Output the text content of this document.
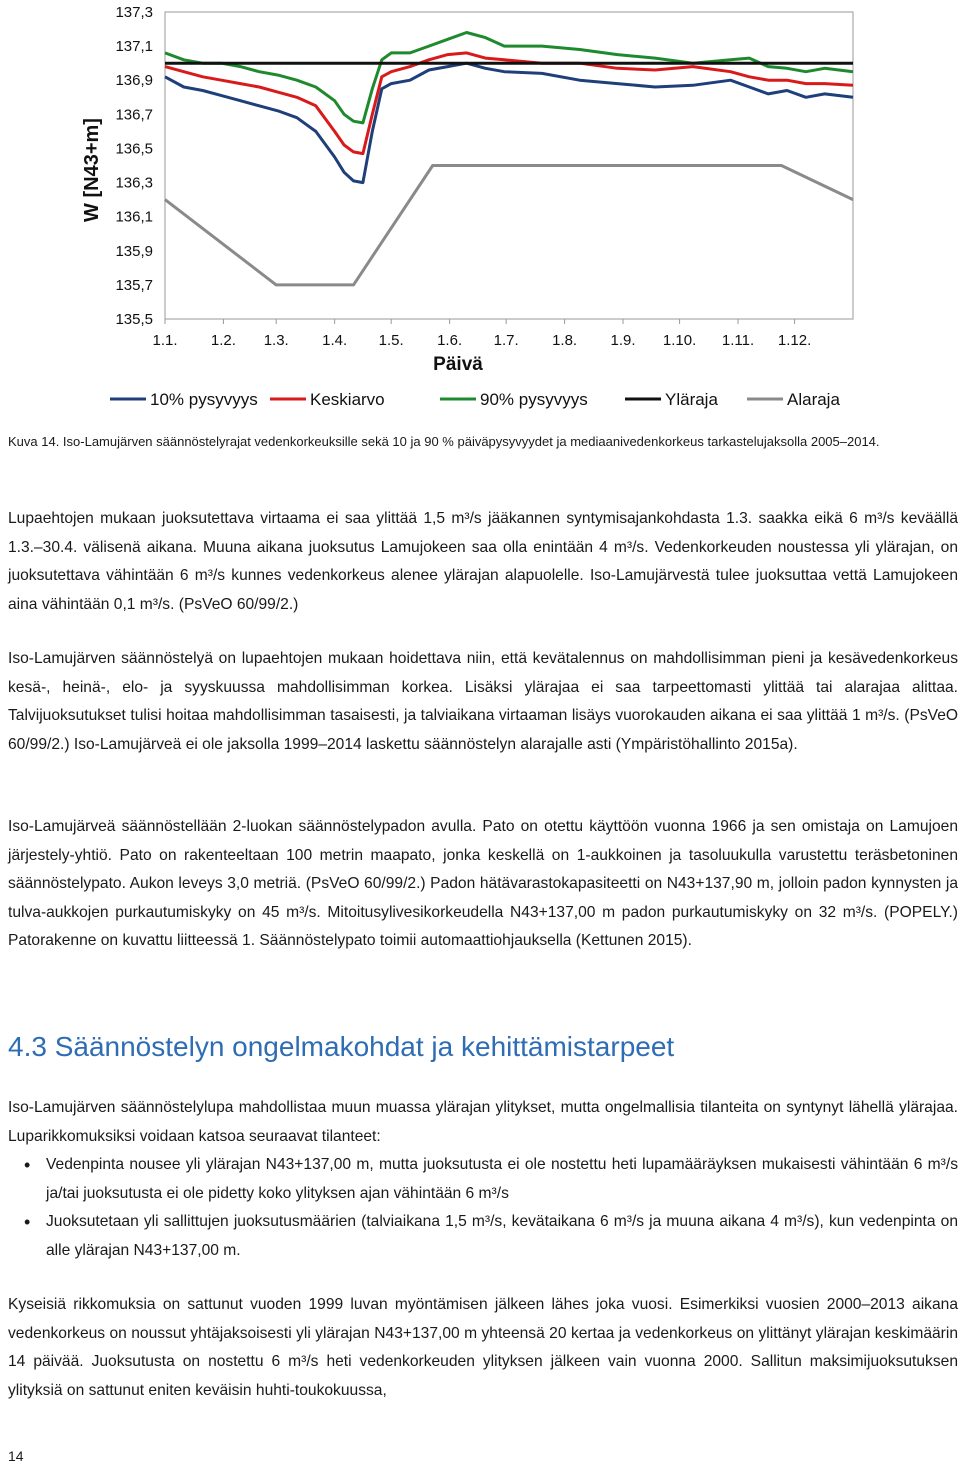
137,3
137,1
136,9
136,7
136,5
136,3
136,1
135,9
135,7
135,5
1.1. 1.2. 1.3. 1.4. 1.5. 1.6. 1.7. 1.8. 1.9. 1.10. 1.11. 1.12.
W [N43+m]
Päivä
10% pysyvyys	Keskiarvo	90% pysyvyys	Yläraja	Alaraja

Kuva 14. Iso-Lamujärven säännöstelyrajat vedenkorkeuksille sekä 10 ja 90 % päiväpysyvyydet ja mediaanivedenkorkeus tarkastelujaksolla 2005–2014.

Lupaehtojen mukaan juoksutettava virtaama ei saa ylittää 1,5 m³/s jääkannen syntymisajankohdasta 1.3. saakka eikä 6 m³/s keväällä 1.3.–30.4. välisenä aikana. Muuna aikana juoksutus Lamujokeen saa olla enintään 4 m³/s. Vedenkorkeuden noustessa yli ylärajan, on juoksutettava vähintään 6 m³/s kunnes vedenkorkeus alenee ylärajan alapuolelle. Iso-Lamujärvestä tulee juoksuttaa vettä Lamujokeen aina vähintään 0,1 m³/s. (PsVeO 60/99/2.)

Iso-Lamujärven säännöstelyä on lupaehtojen mukaan hoidettava niin, että kevätalennus on mahdollisimman pieni ja kesävedenkorkeus kesä-, heinä-, elo- ja syyskuussa mahdollisimman korkea. Lisäksi ylärajaa ei saa tarpeettomasti ylittää tai alarajaa alittaa. Talvijuoksutukset tulisi hoitaa mahdollisimman tasaisesti, ja talviaikana virtaaman lisäys vuorokauden aikana ei saa ylittää 1 m³/s. (PsVeO 60/99/2.) Iso-Lamujärveä ei ole jaksolla 1999–2014 laskettu säännöstelyn alarajalle asti (Ympäristöhallinto 2015a).

Iso-Lamujärveä säännöstellään 2-luokan säännöstelypadon avulla. Pato on otettu käyttöön vuonna 1966 ja sen omistaja on Lamujoen järjestely-yhtiö. Pato on rakenteeltaan 100 metrin maapato, jonka keskellä on 1-aukkoinen ja tasoluukulla varustettu teräsbetoninen säännöstelypato. Aukon leveys 3,0 metriä. (PsVeO 60/99/2.) Padon hätävarastokapasiteetti on N43+137,90 m, jolloin padon kynnysten ja tulva-aukkojen purkautumiskyky on 45 m³/s. Mitoitusylivesikorkeudella N43+137,00 m padon purkautumiskyky on 32 m³/s. (POPELY.) Patorakenne on kuvattu liitteessä 1. Säännöstelypato toimii automaattiohjauksella (Kettunen 2015).

4.3 Säännöstelyn ongelmakohdat ja kehittämistarpeet

Iso-Lamujärven säännöstelylupa mahdollistaa muun muassa ylärajan ylitykset, mutta ongelmallisia tilanteita on syntynyt lähellä ylärajaa. Luparikkomuksiksi voidaan katsoa seuraavat tilanteet:

• Vedenpinta nousee yli ylärajan N43+137,00 m, mutta juoksutusta ei ole nostettu heti lupamääräyksen mukaisesti vähintään 6 m³/s ja/tai juoksutusta ei ole pidetty koko ylityksen ajan vähintään 6 m³/s
• Juoksutetaan yli sallittujen juoksutusmäärien (talviaikana 1,5 m³/s, kevätaikana 6 m³/s ja muuna aikana 4 m³/s), kun vedenpinta on alle ylärajan N43+137,00 m.

Kyseisiä rikkomuksia on sattunut vuoden 1999 luvan myöntämisen jälkeen lähes joka vuosi. Esimerkiksi vuosien 2000–2013 aikana vedenkorkeus on noussut yhtäjaksoisesti yli ylärajan N43+137,00 m yhteensä 20 kertaa ja vedenkorkeus on ylittänyt ylärajan keskimäärin 14 päivää. Juoksutusta on nostettu 6 m³/s heti vedenkorkeuden ylityksen jälkeen vain vuonna 2000. Sallitun maksimijuoksutuksen ylityksiä on sattunut eniten keväisin huhti-toukokuussa,

14
